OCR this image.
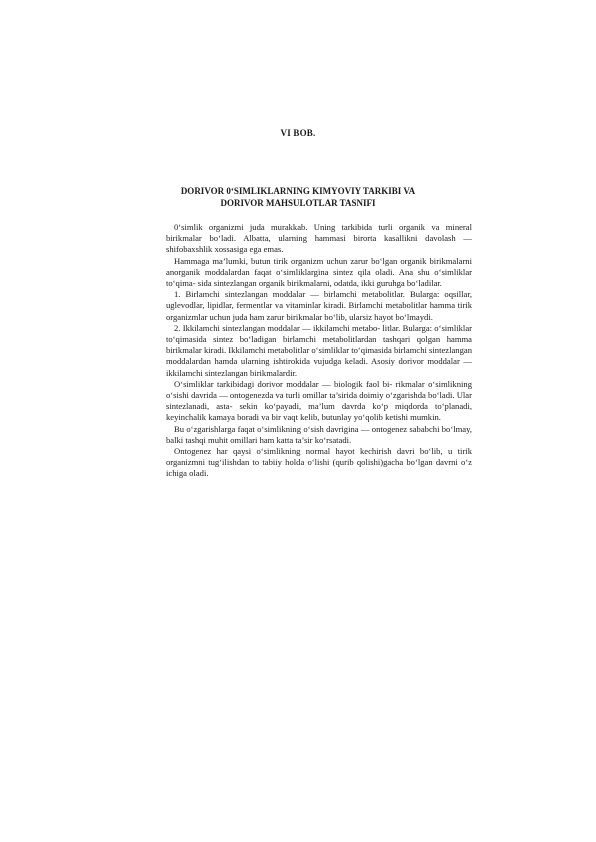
VI BOB.
DORIVOR 0‘SIMLIKLARNING KIMYOVIY TARKIBI VA
DORIVOR MAHSULOTLAR TASNIFI

0‘simlik organizmi juda murakkab. Uning tarkibida turli organik va mineral birikmalar bo‘ladi. Albatta, ularning hammasi birorta kasallikni davolash — shifobaxshlik xossasiga ega emas.

Hammaga ma’lumki, butun tirik organizm uchun zarur bo‘lgan organik birikmalarni anorganik moddalardan faqat o‘simliklargina sintez qila oladi. Ana shu o‘simliklar to‘qima- sida sintezlangan organik birikmalarni, odatda, ikki guruhga bo‘ladilar.

1. Birlamchi sintezlangan moddalar — birlamchi metabolitlar. Bularga: oqsillar, uglevodlar, lipidlar, fermentlar va vitaminlar kiradi. Birlamchi metabolitlar hamma tirik organizmlar uchun juda ham zarur birikmalar bo‘lib, ularsiz hayot bo‘lmaydi.

2. Ikkilamchi sintezlangan moddalar — ikkilamchi metabo- litlar. Bularga: o‘simliklar to‘qimasida sintez bo‘ladigan birlamchi metabolitlardan tashqari qolgan hamma birikmalar kiradi. Ikkilamchi metabolitlar o‘simliklar to‘qimasida birlamchi sintezlangan moddalardan hamda ularning ishtirokida vujudga keladi. Asosiy dorivor moddalar — ikkilamchi sintezlangan birikmalardir.

O‘simliklar tarkibidagi dorivor moddalar — biologik faol bi- rikmalar o‘simlikning o‘sishi davrida — ontogenezda va turli omillar ta’sirida doimiy o‘zgarishda bo‘ladi. Ular sintezlanadi, asta- sekin ko‘payadi, ma’lum davrda ko‘p miqdorda to‘planadi, keyinchalik kamaya boradi va bir vaqt kelib, butunlay yo‘qolib ketishi mumkin.

Bu o‘zgarishlarga faqat o‘simlikning o‘sish davrigina — ontogenez sababchi bo‘lmay, balki tashqi muhit omillari ham katta ta’sir ko‘rsatadi.

Ontogenez har qaysi o‘simlikning normal hayot kechirish davri bo‘lib, u tirik organizmni tug‘ilishdan to tabiiy holda o‘lishi (qurib qolishi)gacha bo‘lgan davrni o‘z ichiga oladi.
